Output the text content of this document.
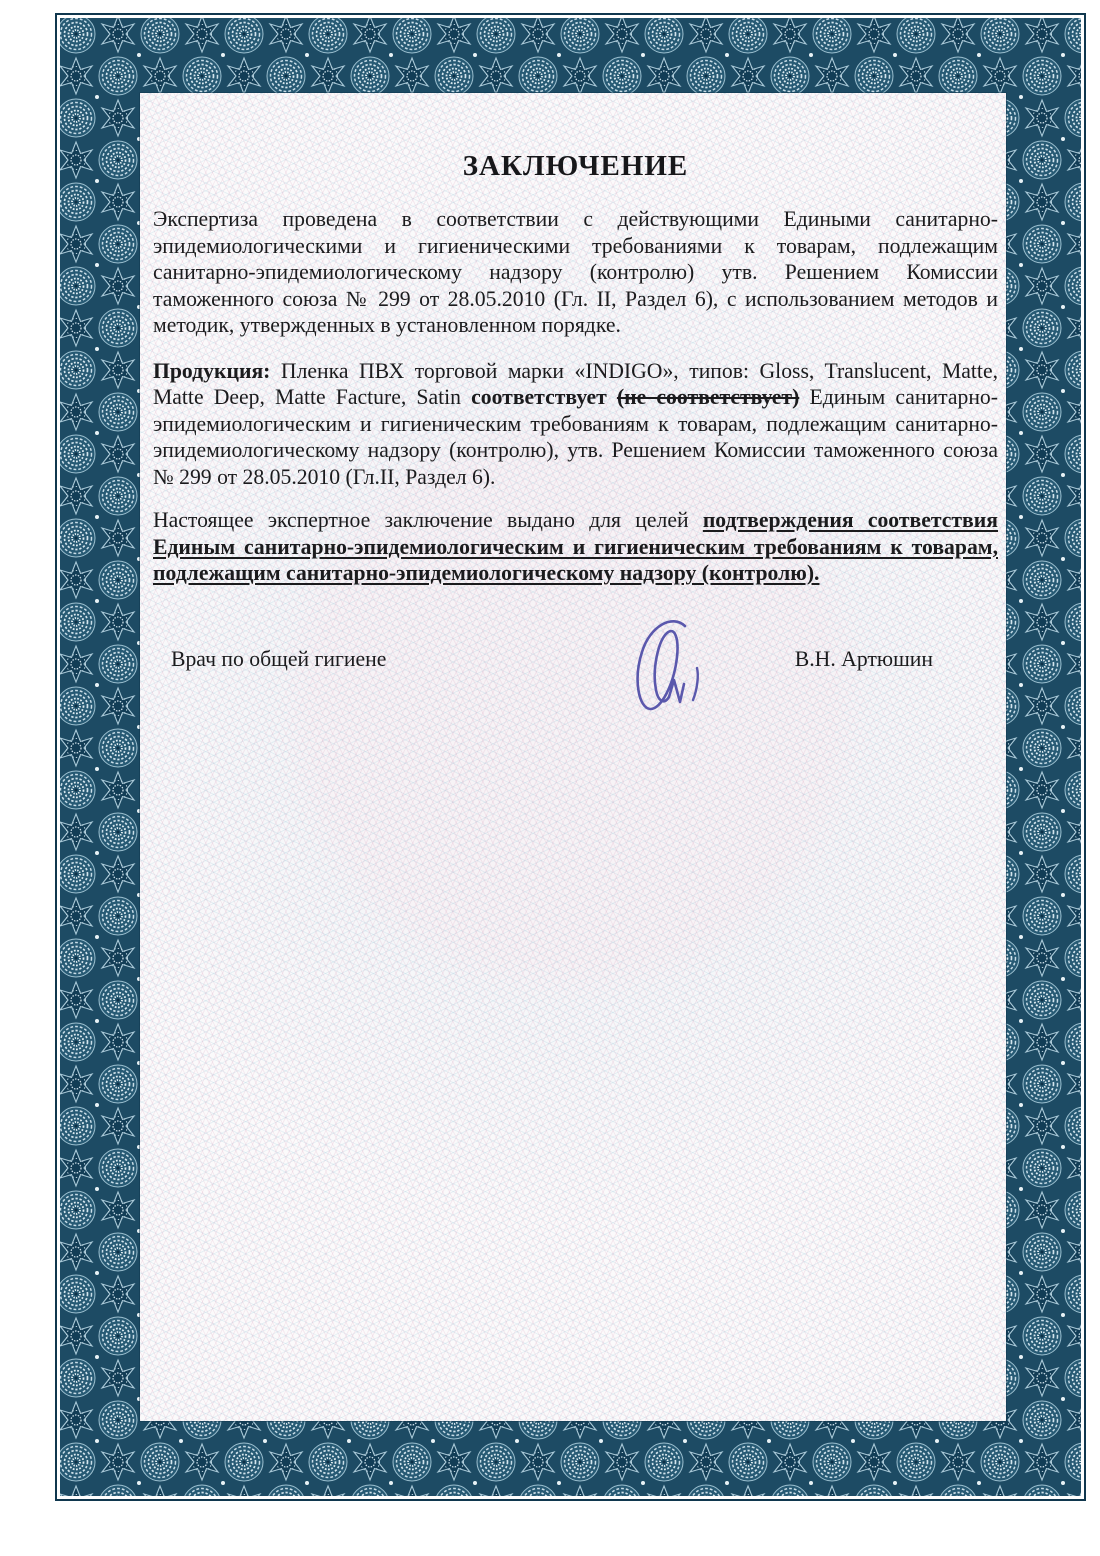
ЗАКЛЮЧЕНИЕ

Экспертиза проведена в соответствии с действующими Едиными санитарно-эпидемиологическими и гигиеническими требованиями к товарам, подлежащим санитарно-эпидемиологическому надзору (контролю) утв. Решением Комиссии таможенного союза № 299 от 28.05.2010 (Гл. II, Раздел 6), с использованием методов и методик, утвержденных в установленном порядке.

Продукция: Пленка ПВХ торговой марки «INDIGO», типов: Gloss, Translucent, Matte, Matte Deep, Matte Facture, Satin соответствует (не соответствует) Единым санитарно-эпидемиологическим и гигиеническим требованиям к товарам, подлежащим санитарно-эпидемиологическому надзору (контролю), утв. Решением Комиссии таможенного союза № 299 от 28.05.2010 (Гл.II, Раздел 6).

Настоящее экспертное заключение выдано для целей подтверждения соответствия Единым санитарно-эпидемиологическим и гигиеническим требованиям к товарам, подлежащим санитарно-эпидемиологическому надзору (контролю).

Врач по общей гигиене	В.Н. Артюшин
